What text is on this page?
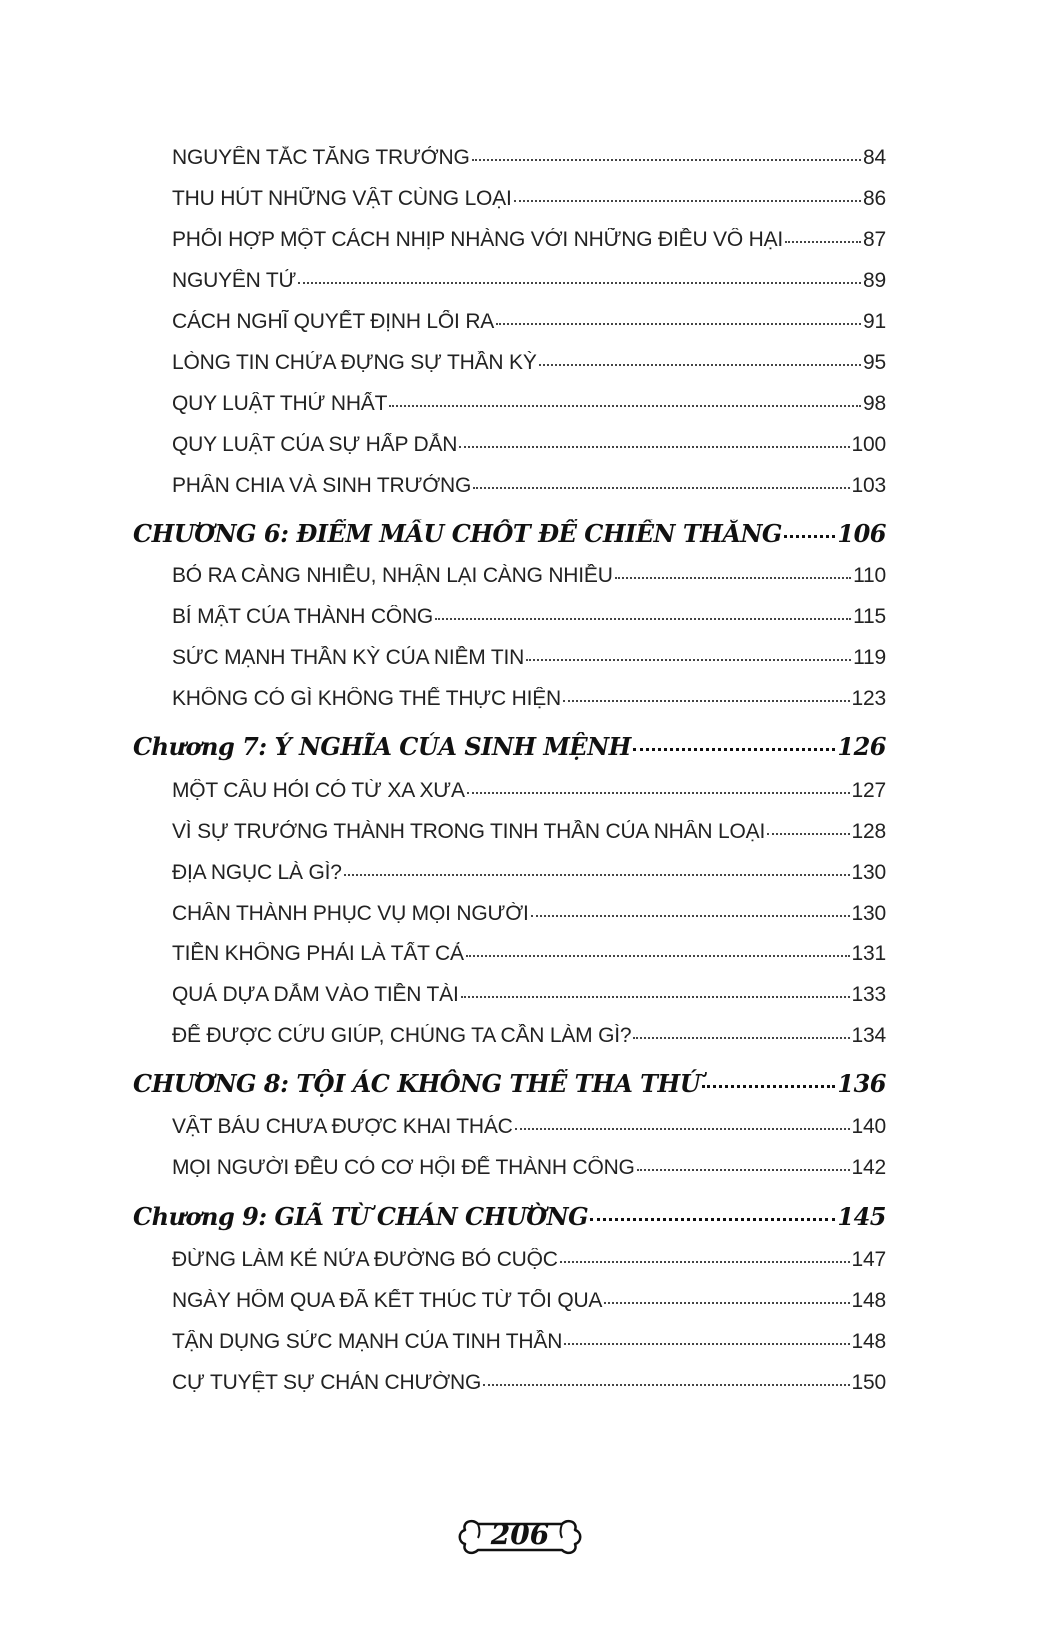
NGUYÊN TẮC TĂNG TRƯỞNG	84
THU HÚT NHỮNG VẬT CÙNG LOẠI	86
PHỐI HỢP MỘT CÁCH NHỊP NHÀNG VỚI NHỮNG ĐIỀU VÔ HẠI	87
NGUYÊN TỬ	89
CÁCH NGHĨ QUYẾT ĐỊNH LỐI RA	91
LÒNG TIN CHỨA ĐỰNG SỰ THẦN KỲ	95
QUY LUẬT THỨ NHẤT	98
QUY LUẬT CỦA SỰ HẤP DẪN	100
PHÂN CHIA VÀ SINH TRƯỞNG	103
CHƯƠNG 6: ĐIỂM MẤU CHỐT ĐỂ CHIẾN THẮNG 106
BỎ RA CÀNG NHIỀU, NHẬN LẠI CÀNG NHIỀU	110
BÍ MẬT CỦA THÀNH CÔNG	115
SỨC MẠNH THẦN KỲ CỦA NIỀM TIN	119
KHÔNG CÓ GÌ KHÔNG THỂ THỰC HIỆN	123
Chương 7: Ý NGHĨA CỦA SINH MỆNH	126
MỘT CÂU HỎI CÓ TỪ XA XƯA	127
VÌ SỰ TRƯỞNG THÀNH TRONG TINH THẦN CỦA NHÂN LOẠI	128
ĐỊA NGỤC LÀ GÌ?	130
CHÂN THÀNH PHỤC VỤ MỌI NGƯỜI	130
TIỀN KHÔNG PHẢI LÀ TẤT CẢ	131
QUÁ DỰA DẪM VÀO TIỀN TÀI	133
ĐỂ ĐƯỢC CỨU GIÚP, CHÚNG TA CẦN LÀM GÌ?	134
CHƯƠNG 8: TỘI ÁC KHÔNG THỂ THA THỨ	136
VẬT BÁU CHƯA ĐƯỢC KHAI THÁC	140
MỌI NGƯỜI ĐỀU CÓ CƠ HỘI ĐỂ THÀNH CÔNG	142
Chương 9: GIÃ TỪ CHÁN CHƯỜNG	145
ĐỪNG LÀM KẺ NỬA ĐƯỜNG BỎ CUỘC	147
NGÀY HÔM QUA ĐÃ KẾT THÚC TỪ TỐI QUA	148
TẬN DỤNG SỨC MẠNH CỦA TINH THẦN	148
CỰ TUYỆT SỰ CHÁN CHƯỜNG	150
206
